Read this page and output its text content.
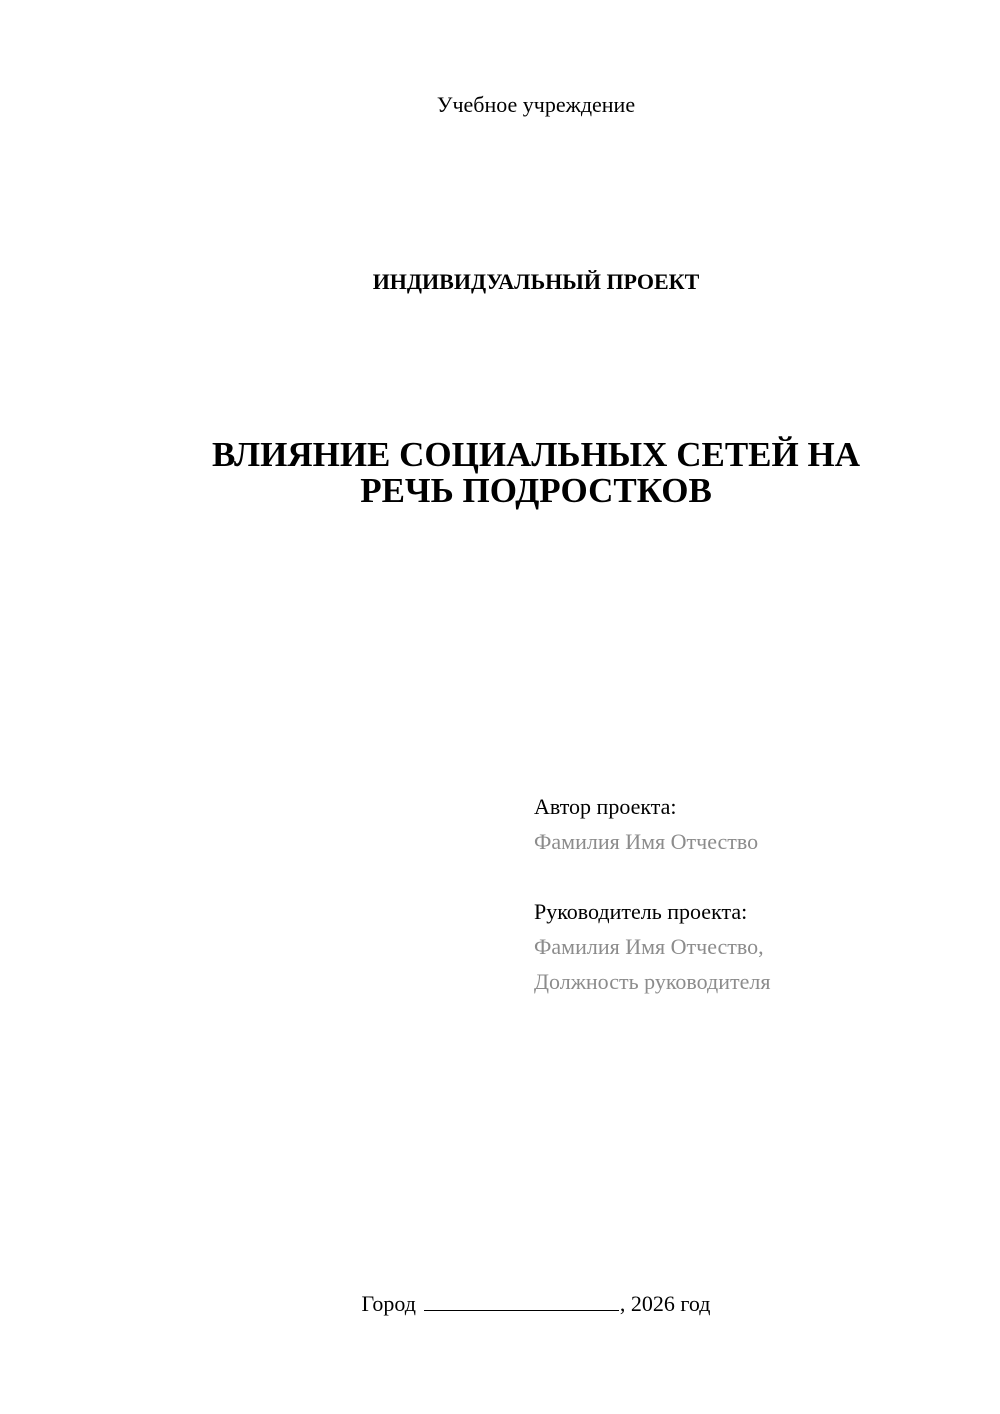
Учебное учреждение
ИНДИВИДУАЛЬНЫЙ ПРОЕКТ
ВЛИЯНИЕ СОЦИАЛЬНЫХ СЕТЕЙ НА
РЕЧЬ ПОДРОСТКОВ
Автор проекта:
Фамилия Имя Отчество
Руководитель проекта:
Фамилия Имя Отчество,
Должность руководителя
Город	, 2026 год
